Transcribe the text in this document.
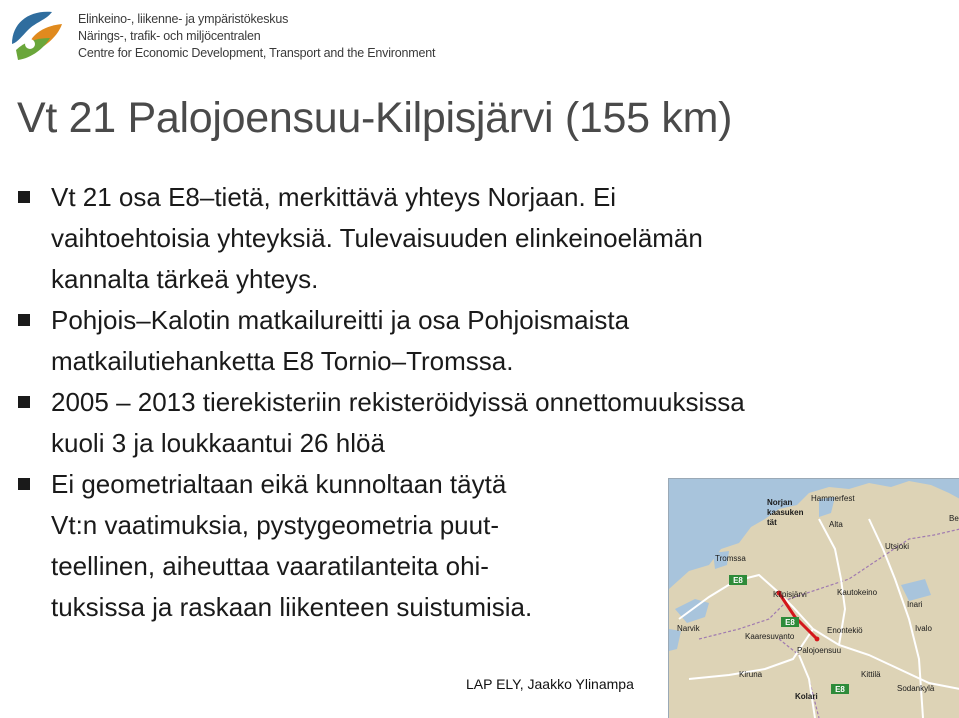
Elinkeino-, liikenne- ja ympäristökeskus
Närings-, trafik- och miljöcentralen
Centre for Economic Development, Transport and the Environment
Vt 21 Palojoensuu-Kilpisjärvi (155 km)
Vt 21 osa E8–tietä, merkittävä yhteys Norjaan. Ei
vaihtoehtoisia yhteyksiä. Tulevaisuuden elinkeinoelämän
kannalta tärkeä yhteys.
Pohjois–Kalotin matkailureitti ja osa Pohjoismaista
matkailutiehanketta E8 Tornio–Tromssa.
2005 – 2013 tierekisteriin rekisteröidyissä onnettomuuksissa
kuoli 3 ja loukkaantui 26 hlöä
Ei geometrialtaan eikä kunnoltaan täytä
Vt:n vaatimuksia, pystygeometria puut-
teellinen, aiheuttaa vaaratilanteita ohi-
tuksissa ja raskaan liikenteen suistumisia.
E8
E8
E8
Norjan
kaasuken
tät
Hammerfest
Alta
Be
Tromssa
Utsjoki
Kilpisjärvi	Kautokeino
Inari
Narvik
Kaaresuvanto
Enontekiö	Ivalo
Palojoensuu
Kiruna	Kittilä
Kolari
Sodankylä
LAP ELY, Jaakko Ylinampa
